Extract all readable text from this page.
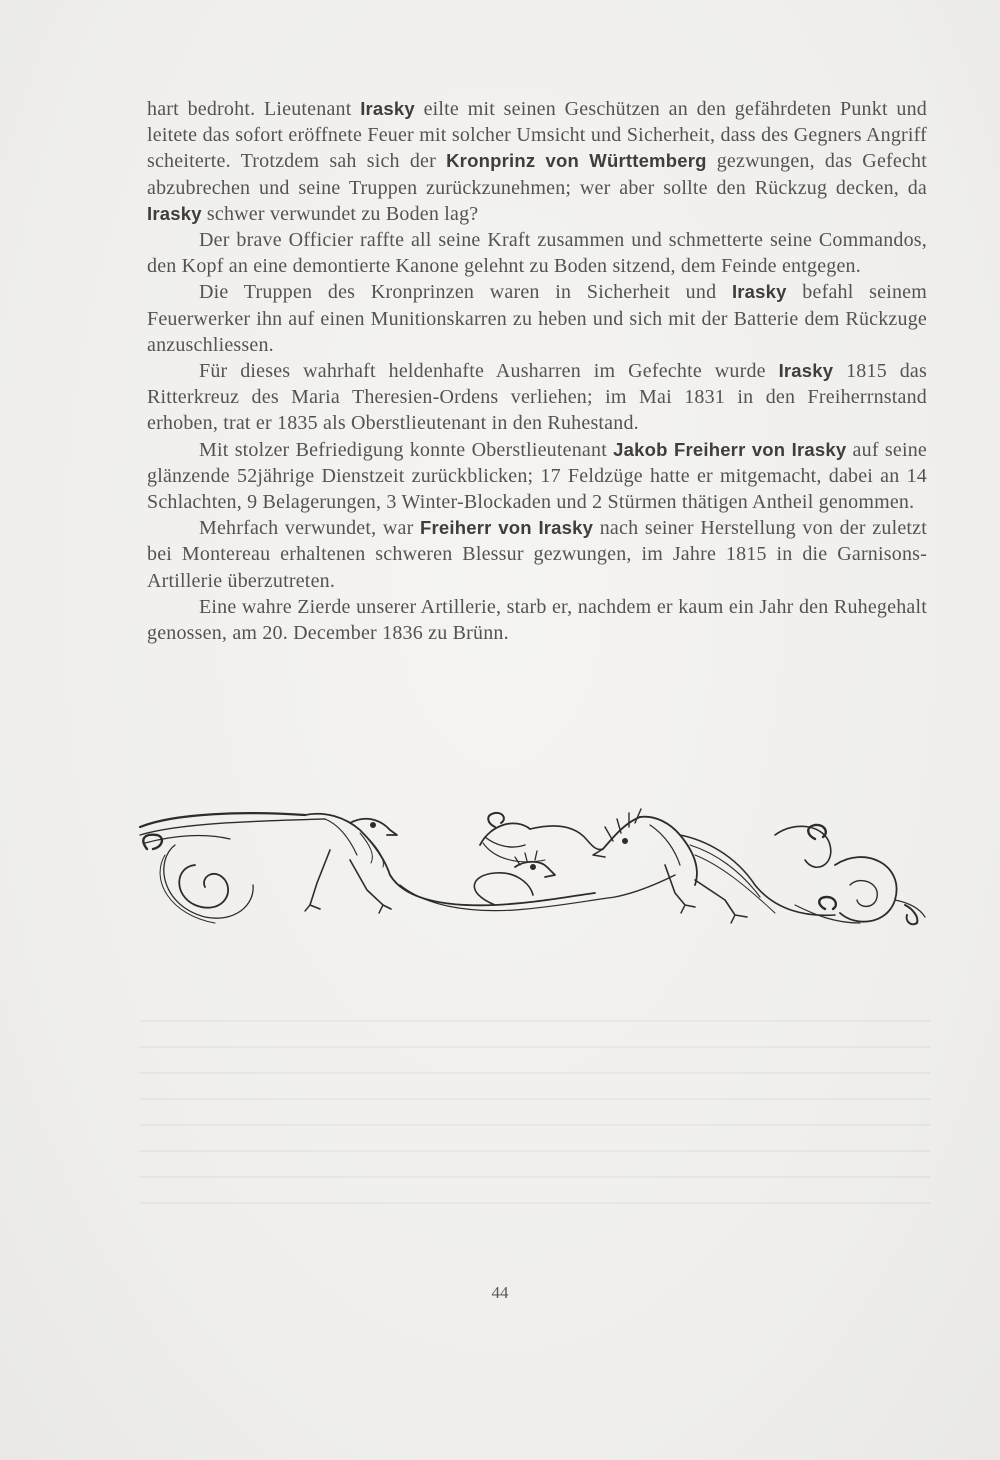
hart bedroht. Lieutenant Irasky eilte mit seinen Geschützen an den gefährdeten Punkt und leitete das sofort eröffnete Feuer mit solcher Umsicht und Sicherheit, dass des Gegners Angriff scheiterte. Trotzdem sah sich der Kronprinz von Württemberg gezwungen, das Gefecht abzubrechen und seine Truppen zurückzunehmen; wer aber sollte den Rückzug decken, da Irasky schwer verwundet zu Boden lag?

Der brave Officier raffte all seine Kraft zusammen und schmetterte seine Commandos, den Kopf an eine demontierte Kanone gelehnt zu Boden sitzend, dem Feinde entgegen.

Die Truppen des Kronprinzen waren in Sicherheit und Irasky befahl seinem Feuerwerker ihn auf einen Munitionskarren zu heben und sich mit der Batterie dem Rückzuge anzuschliessen.

Für dieses wahrhaft heldenhafte Ausharren im Gefechte wurde Irasky 1815 das Ritterkreuz des Maria Theresien-Ordens verliehen; im Mai 1831 in den Freiherrnstand erhoben, trat er 1835 als Oberstlieutenant in den Ruhestand.

Mit stolzer Befriedigung konnte Oberstlieutenant Jakob Freiherr von Irasky auf seine glänzende 52jährige Dienstzeit zurückblicken; 17 Feldzüge hatte er mitgemacht, dabei an 14 Schlachten, 9 Belagerungen, 3 Winter-Blockaden und 2 Stürmen thätigen Antheil genommen.

Mehrfach verwundet, war Freiherr von Irasky nach seiner Herstellung von der zuletzt bei Montereau erhaltenen schweren Blessur gezwungen, im Jahre 1815 in die Garnisons-Artillerie überzutreten.

Eine wahre Zierde unserer Artillerie, starb er, nachdem er kaum ein Jahr den Ruhegehalt genossen, am 20. December 1836 zu Brünn.

44
